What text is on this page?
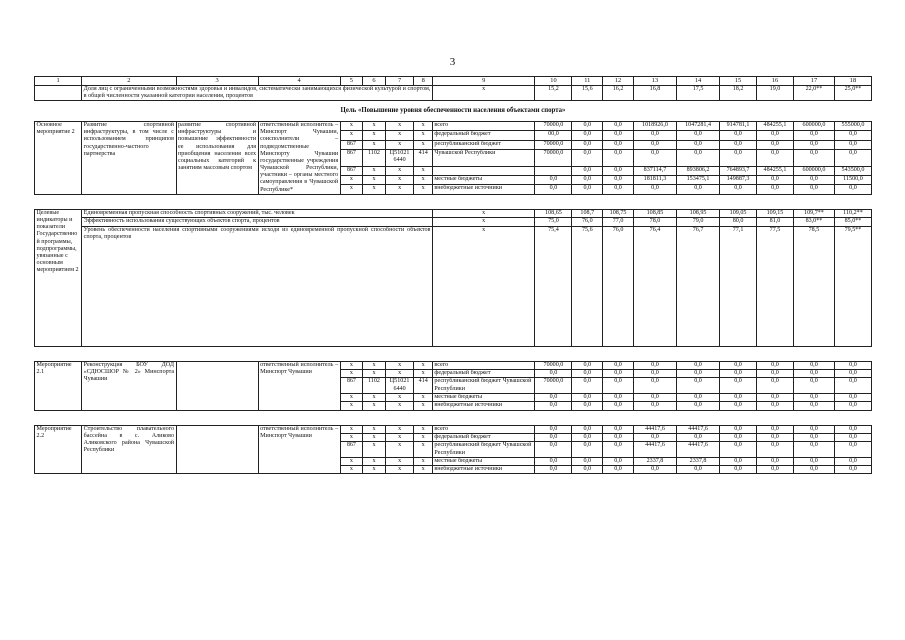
3
1	2	3	4	5	6	7	8	9	10	11	12	13	14	15	16	17	18
	Доля лиц с ограниченными возможностями здоровья и инвалидов, систематически занимающихся физической культурой и спортом, в общей численности указанной категории населения, процентов							x	15,2	15,6	16,2	16,8	17,5	18,2	19,0	22,0**	25,0**
Цель «Повышение уровня обеспеченности населения объектами спорта»																	
Основное мероприятие 2	Развитие спортивной инфраструктуры, в том числе с использованием принципов государственно-частного партнерства	развитие спортивной инфраструктуры и повышение эффективности ее использования для приобщения населения всех социальных категорий к занятиям массовым спортом	ответственный исполнитель – Минспорт Чувашии, соисполнители – подведомственные Минспорту Чувашии государственные учреждения Чувашской Республики, участники – органы местного самоуправления в Чувашской Республике*	x	x	x	x	всего	70000,0	0,0	0,0	1018926,0	1047281,4	914781,1	484255,1	600000,0	555000,0
				x	x	x	x	федеральный бюджет	00,0	0,0	0,0	0,0	0,0	0,0	0,0	0,0	0,0
				867	x	x	x	республиканский бюджет	70000,0	0,0	0,0	0,0	0,0	0,0	0,0	0,0	0,0
				867	1102	Ц51021 6440	414	Чувашской Республики	70000,0	0,0	0,0	0,0	0,0	0,0	0,0	0,0	0,0
				867	x	x	x			0,0	0,0	837114,7	893806,2	764893,7	484255,1	600000,0	543500,0
				x	x	x	x	местные бюджеты	0,0	0,0	0,0	181811,3	153475,1	149887,3	0,0	0,0	11500,0
				x	x	x	x	внебюджетные источники	0,0	0,0	0,0	0,0	0,0	0,0	0,0	0,0	0,0

Целевые индикаторы и показатели Государственной программы, подпрограммы, увязанные с основным мероприятием 2	Единовременная пропускная способность спортивных сооружений, тыс. человек							x	108,65	108,7	108,75	108,85	108,95	109,05	109,15	109,7**	110,2**
	Эффективность использования существующих объектов спорта, процентов							x	75,0	76,0	77,0	78,0	79,0	80,0	81,0	83,0**	85,0**
	Уровень обеспеченности населения спортивными сооружениями исходя из единовременной пропускной способности объектов спорта, процентов							x	75,4	75,6	76,0	76,4	76,7	77,1	77,5	78,5	79,5**

Мероприятие 2.1	Реконструкция БОУ ДОД «СДЮСШОР № 2» Минспорта Чувашии		ответственный исполнитель – Минспорт Чувашии	x	x	x	x	всего	70000,0	0,0	0,0	0,0	0,0	0,0	0,0	0,0	0,0
				x	x	x	x	федеральный бюджет	0,0	0,0	0,0	0,0	0,0	0,0	0,0	0,0	0,0
				867	1102	Ц51021 6440	414	республиканский бюджет Чувашской Республики	70000,0	0,0	0,0	0,0	0,0	0,0	0,0	0,0	0,0
				x	x	x	x	местные бюджеты	0,0	0,0	0,0	0,0	0,0	0,0	0,0	0,0	0,0
				x	x	x	x	внебюджетные источники	0,0	0,0	0,0	0,0	0,0	0,0	0,0	0,0	0,0

Мероприятие 2.2	Строительство плавательного бассейна в с. Аликово Аликовского района Чувашской Республики		ответственный исполнитель – Минспорт Чувашии	x	x	x	x	всего	0,0	0,0	0,0	44417,6	44417,6	0,0	0,0	0,0	0,0
				x	x	x	x	федеральный бюджет	0,0	0,0	0,0	0,0	0,0	0,0	0,0	0,0	0,0
				867	x	x	x	республиканский бюджет Чувашской Республики	0,0	0,0	0,0	44417,6	44417,6	0,0	0,0	0,0	0,0
				x	x	x	x	местные бюджеты	0,0	0,0	0,0	2337,8	2337,8	0,0	0,0	0,0	0,0
				x	x	x	x	внебюджетные источники	0,0	0,0	0,0	0,0	0,0	0,0	0,0	0,0	0,0
